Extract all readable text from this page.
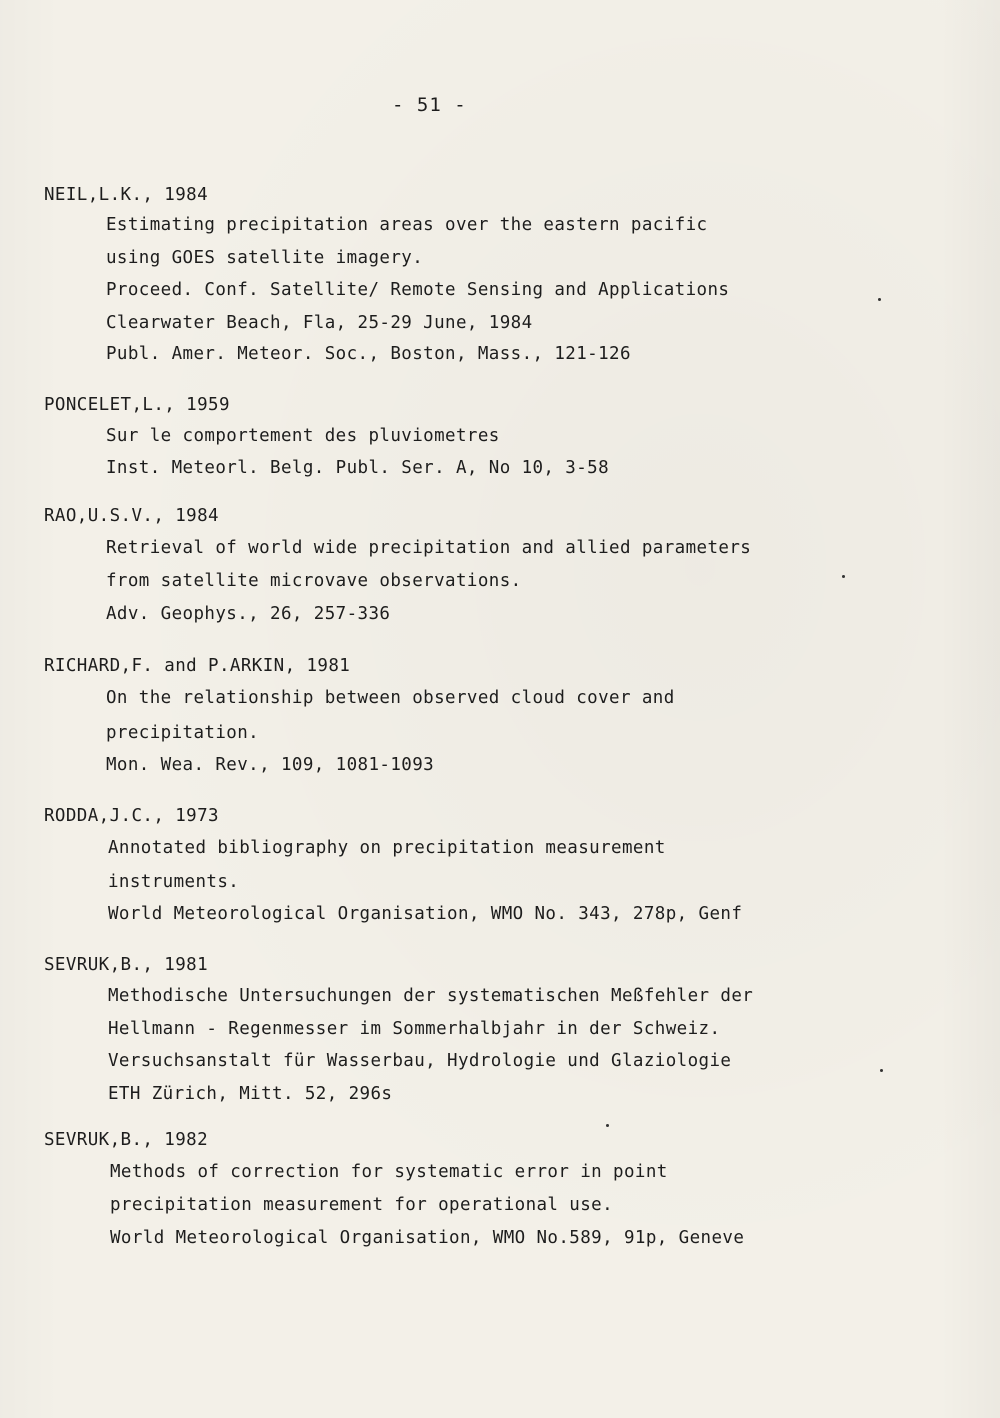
- 51 -
NEIL,L.K., 1984
Estimating precipitation areas over the eastern pacific
using GOES satellite imagery.
Proceed. Conf. Satellite/ Remote Sensing and Applications
Clearwater Beach, Fla, 25-29 June, 1984
Publ. Amer. Meteor. Soc., Boston, Mass., 121-126
PONCELET,L., 1959
Sur le comportement des pluviometres
Inst. Meteorl. Belg. Publ. Ser. A, No 10, 3-58
RAO,U.S.V., 1984
Retrieval of world wide precipitation and allied parameters
from satellite microvave observations.
Adv. Geophys., 26, 257-336
RICHARD,F. and P.ARKIN, 1981
On the relationship between observed cloud cover and
precipitation.
Mon. Wea. Rev., 109, 1081-1093
RODDA,J.C., 1973
Annotated bibliography on precipitation measurement
instruments.
World Meteorological Organisation, WMO No. 343, 278p, Genf
SEVRUK,B., 1981
Methodische Untersuchungen der systematischen Meßfehler der
Hellmann - Regenmesser im Sommerhalbjahr in der Schweiz.
Versuchsanstalt für Wasserbau, Hydrologie und Glaziologie
ETH Zürich, Mitt. 52, 296s
SEVRUK,B., 1982
Methods of correction for systematic error in point
precipitation measurement for operational use.
World Meteorological Organisation, WMO No.589, 91p, Geneve
